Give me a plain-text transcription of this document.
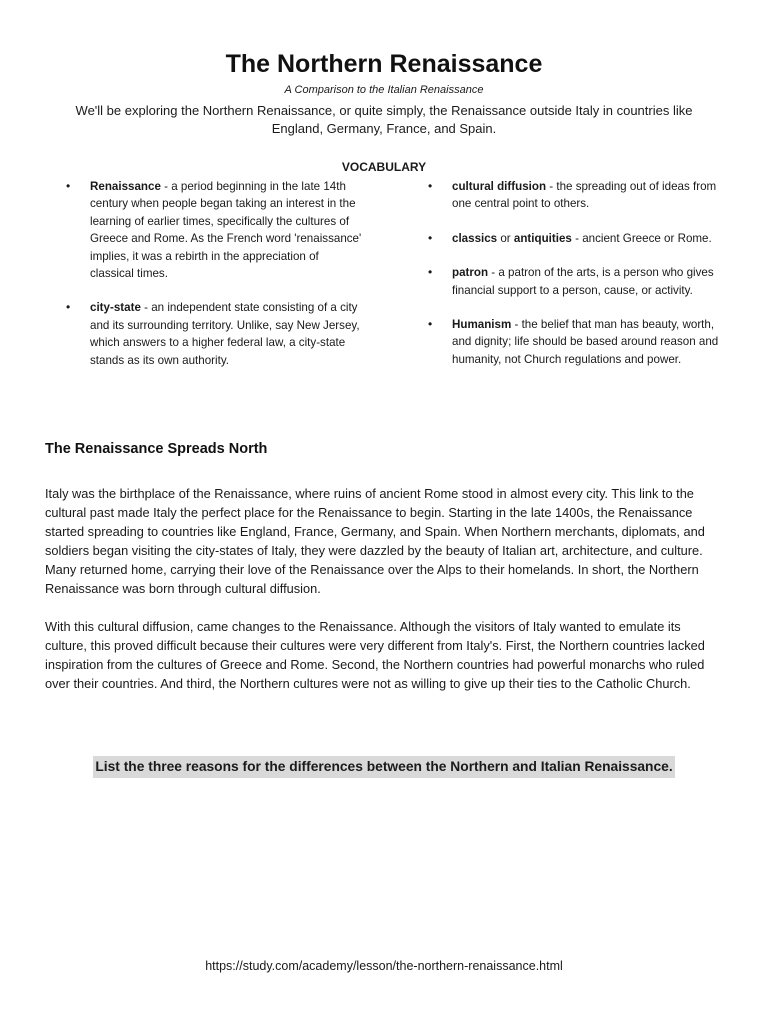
The Northern Renaissance
A Comparison to the Italian Renaissance
We'll be exploring the Northern Renaissance, or quite simply, the Renaissance outside Italy in countries like England, Germany, France, and Spain.
VOCABULARY
• Renaissance - a period beginning in the late 14th century when people began taking an interest in the learning of earlier times, specifically the cultures of Greece and Rome. As the French word 'renaissance' implies, it was a rebirth in the appreciation of classical times.
• city-state - an independent state consisting of a city and its surrounding territory. Unlike, say New Jersey, which answers to a higher federal law, a city-state stands as its own authority.
• cultural diffusion - the spreading out of ideas from one central point to others.
• classics or antiquities - ancient Greece or Rome.
• patron - a patron of the arts, is a person who gives financial support to a person, cause, or activity.
• Humanism - the belief that man has beauty, worth, and dignity; life should be based around reason and humanity, not Church regulations and power.
The Renaissance Spreads North

Italy was the birthplace of the Renaissance, where ruins of ancient Rome stood in almost every city. This link to the cultural past made Italy the perfect place for the Renaissance to begin. Starting in the late 1400s, the Renaissance started spreading to countries like England, France, Germany, and Spain. When Northern merchants, diplomats, and soldiers began visiting the city-states of Italy, they were dazzled by the beauty of Italian art, architecture, and culture. Many returned home, carrying their love of the Renaissance over the Alps to their homelands. In short, the Northern Renaissance was born through cultural diffusion.

With this cultural diffusion, came changes to the Renaissance. Although the visitors of Italy wanted to emulate its culture, this proved difficult because their cultures were very different from Italy's. First, the Northern countries lacked inspiration from the cultures of Greece and Rome. Second, the Northern countries had powerful monarchs who ruled over their countries. And third, the Northern cultures were not as willing to give up their ties to the Catholic Church.

List the three reasons for the differences between the Northern and Italian Renaissance.
https://study.com/academy/lesson/the-northern-renaissance.html
